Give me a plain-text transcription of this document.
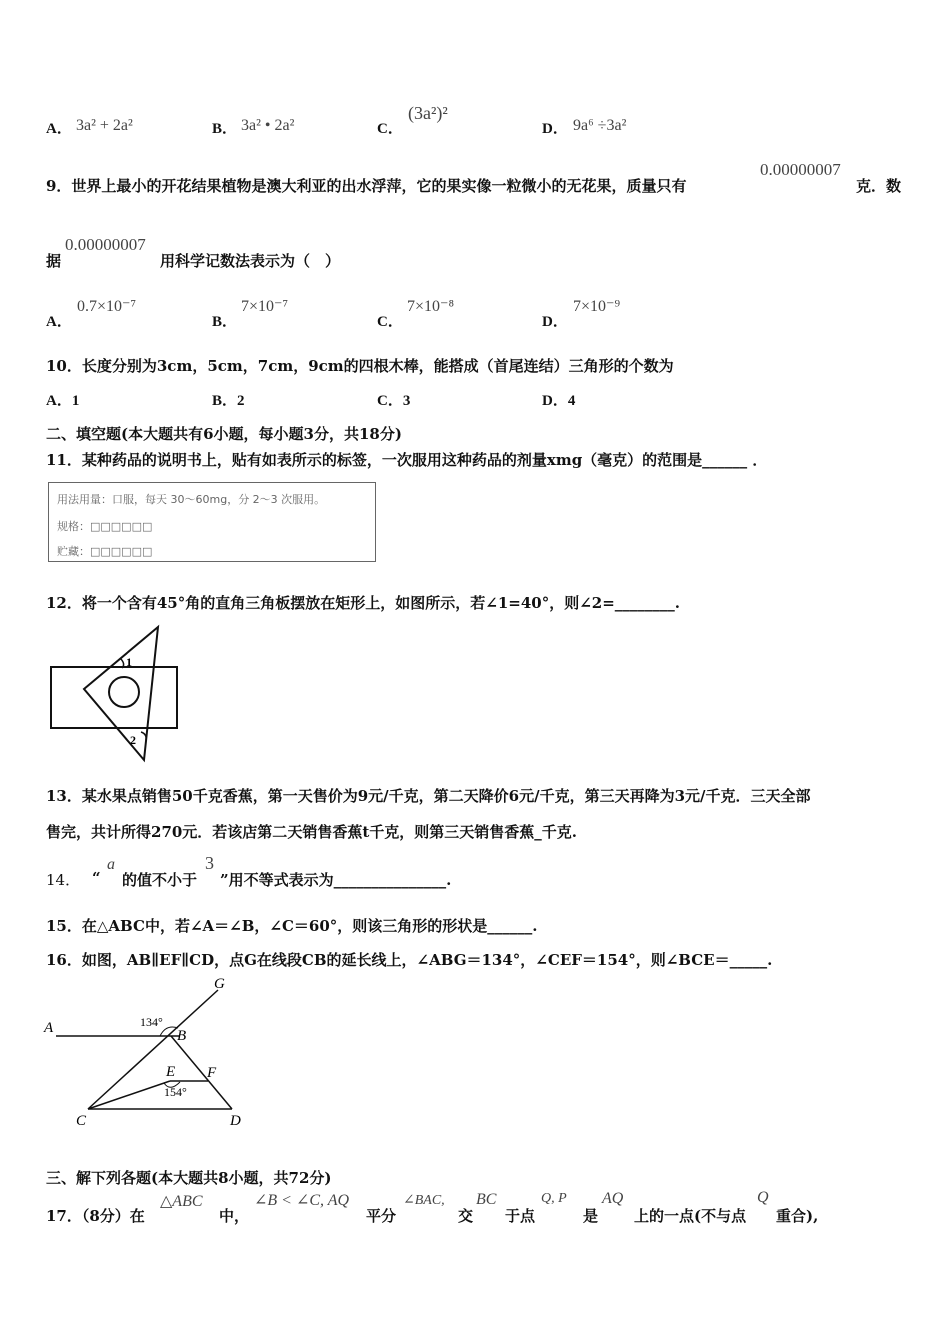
A． 3a² + 2a²	B． 3a² • 2a²	C．
(3a²)²
D． 9a⁶ ÷3a²
9．世界上最小的开花结果植物是澳大利亚的出水浮萍，它的果实像一粒微小的无花果，质量只有
0.00000007
克．数
据
0.00000007
用科学记数法表示为（　）
A．
0.7×10⁻⁷
B．
7×10⁻⁷
C．
7×10⁻⁸
D．
7×10⁻⁹
10．长度分别为3cm，5cm，7cm，9cm的四根木棒，能搭成（首尾连结）三角形的个数为
A．1	B．2	C．3	D．4
二、填空题(本大题共有6小题，每小题3分，共18分)
11．某种药品的说明书上，贴有如表所示的标签，一次服用这种药品的剂量xmg（毫克）的范围是______ ．
用法用量：口服，每天 30～60mg，分 2～3 次服用。
规格：□□□□□□
贮藏：□□□□□□
12．将一个含有45°角的直角三角板摆放在矩形上，如图所示，若∠1=40°，则∠2=________.
1
2
13．某水果点销售50千克香蕉，第一天售价为9元/千克，第二天降价6元/千克，第三天再降为3元/千克．三天全部
售完，共计所得270元．若该店第二天销售香蕉t千克，则第三天销售香蕉_千克.
14． “
a
的值不小于
3
”用不等式表示为_______________.
15．在△ABC中，若∠A＝∠B，∠C＝60°，则该三角形的形状是______.
16．如图，AB∥EF∥CD，点G在线段CB的延长线上，∠ABG＝134°，∠CEF＝154°，则∠BCE＝_____.
G
A	B
E F
C	D
134°
154°
三、解下列各题(本大题共8小题，共72分)
17．（8分）在
△ABC
中，
∠B < ∠C, AQ
平分
∠BAC,
交
BC
于点
Q, P
是
AQ
上的一点(不与点
Q
重合),
